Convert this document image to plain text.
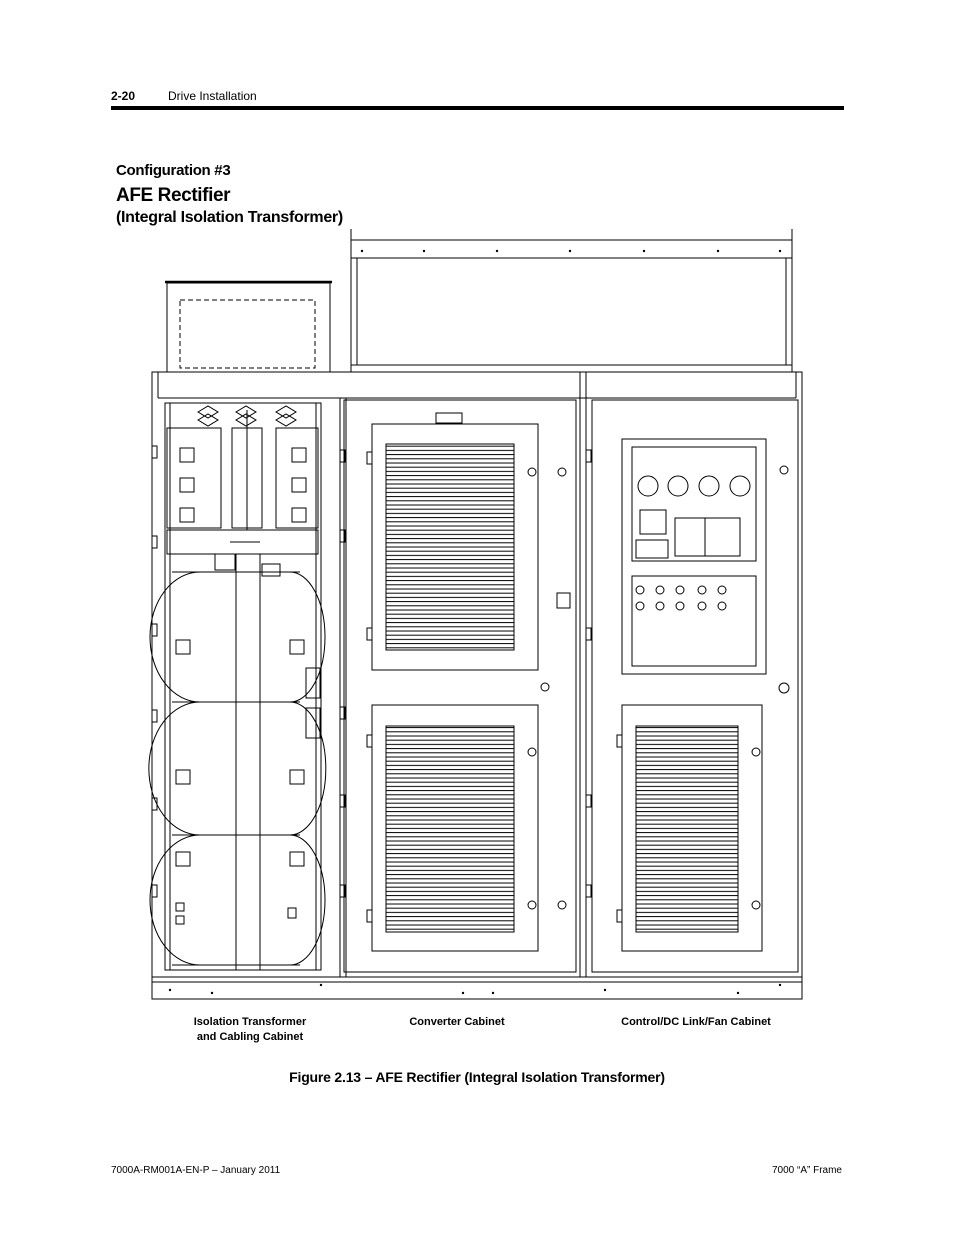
2-20	Drive Installation
Configuration #3
AFE Rectifier
(Integral Isolation Transformer)
Isolation Transformer
and Cabling Cabinet
Converter Cabinet	Control/DC Link/Fan Cabinet
Figure 2.13 – AFE Rectifier (Integral Isolation Transformer)
7000A-RM001A-EN-P – January 2011	7000 “A” Frame
